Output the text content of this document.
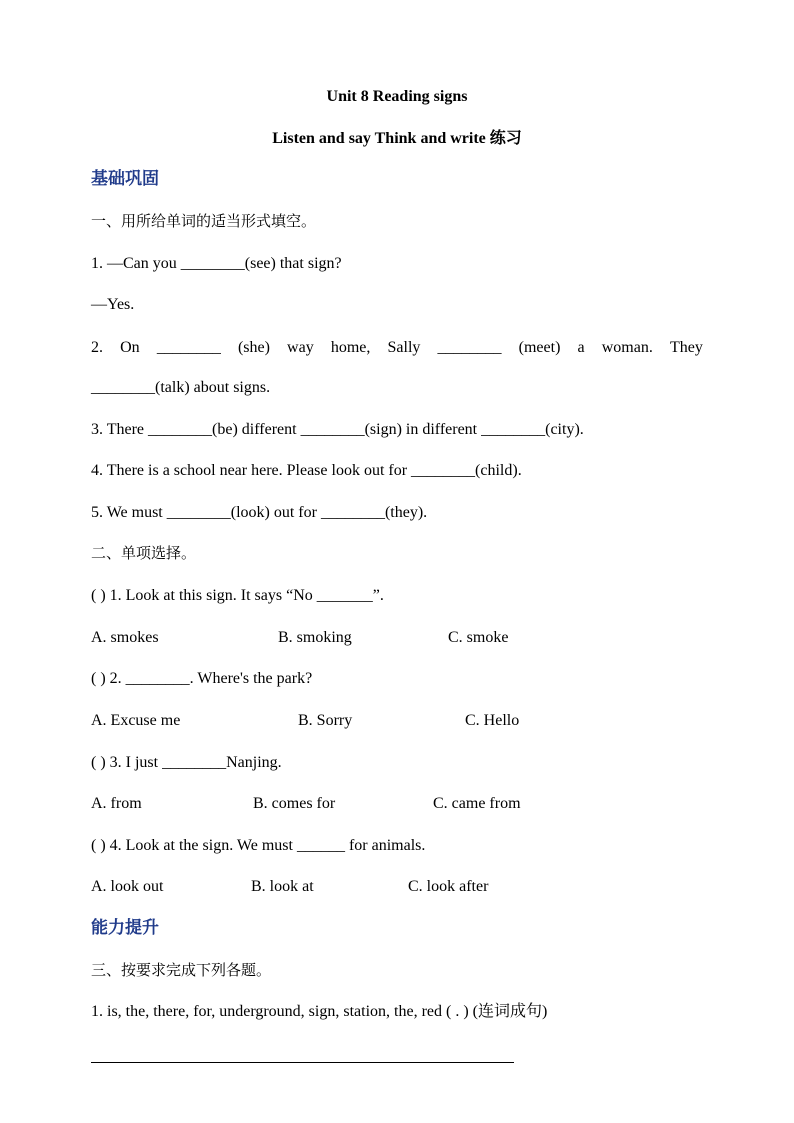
Unit 8 Reading signs
Listen and say Think and write 练习
基础巩固
一、用所给单词的适当形式填空。
1. —Can you ________(see) that sign?
—Yes.
2. On ________ (she) way home, Sally ________ (meet) a woman. They
________(talk) about signs.
3. There ________(be) different ________(sign) in different ________(city).
4. There is a school near here. Please look out for ________(child).
5. We must ________(look) out for ________(they).
二、单项选择。
( ) 1. Look at this sign. It says “No _______”.
A. smokes	B. smoking	C. smoke
( ) 2. ________. Where's the park?
A. Excuse me	B. Sorry	C. Hello
( ) 3. I just ________Nanjing.
A. from	B. comes for	C. came from
( ) 4. Look at the sign. We must ______ for animals.
A. look out	B. look at	C. look after
能力提升
三、按要求完成下列各题。
1. is, the, there, for, underground, sign, station, the, red ( . ) (连词成句)
